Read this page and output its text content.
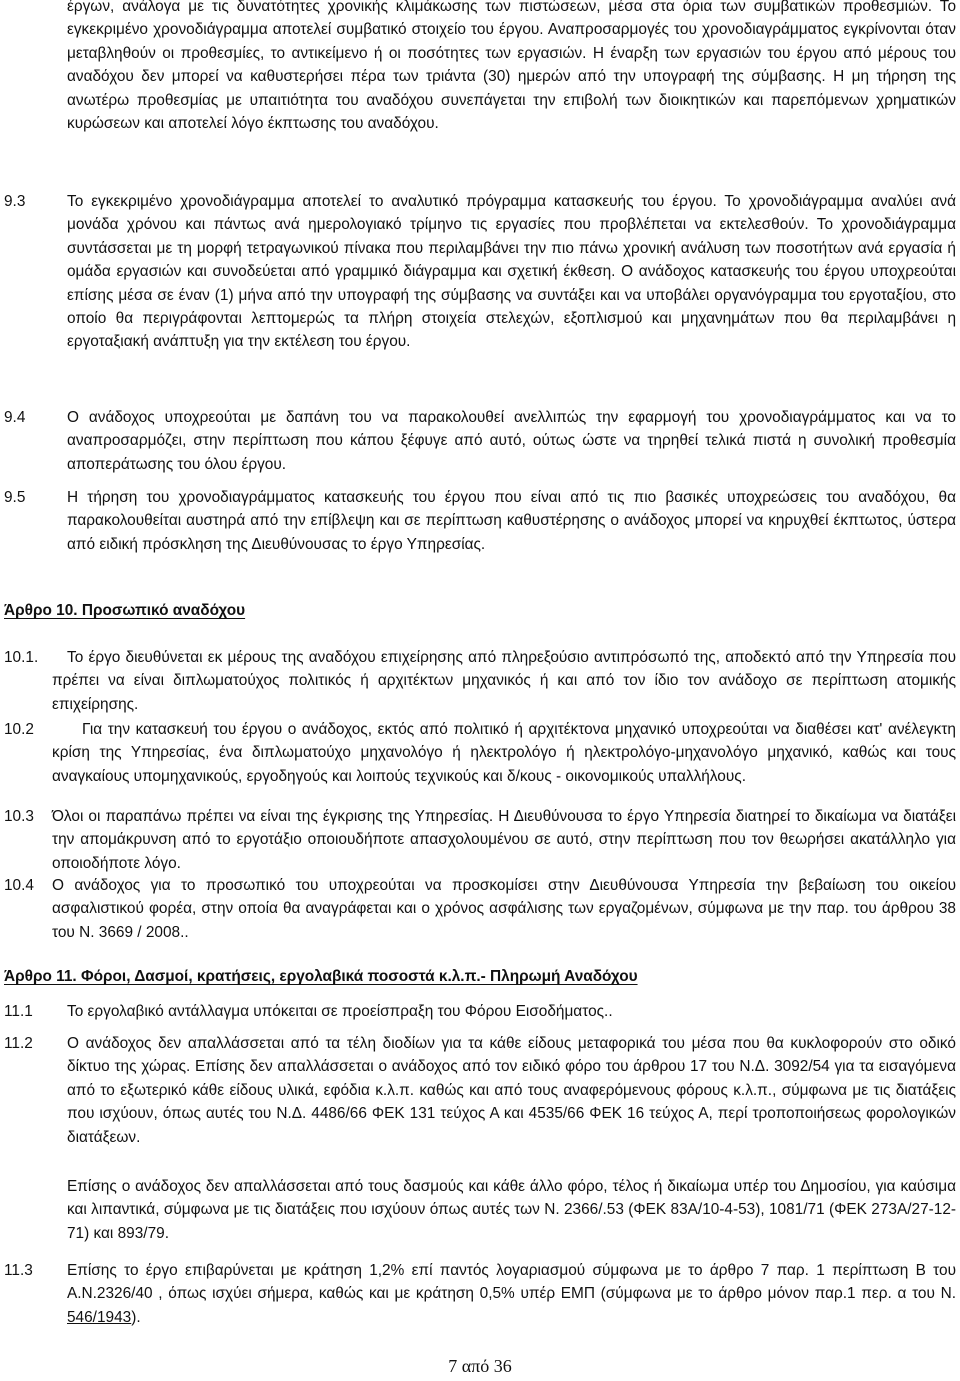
έργων, ανάλογα με τις δυνατότητες χρονικής κλιμάκωσης των πιστώσεων, μέσα στα όρια των συμβατικών προθεσμιών. Το εγκεκριμένο χρονοδιάγραμμα αποτελεί συμβατικό στοιχείο του έργου. Αναπροσαρμογές του χρονοδιαγράμματος εγκρίνονται όταν μεταβληθούν οι προθεσμίες, το αντικείμενο ή οι ποσότητες των εργασιών. Η έναρξη των εργασιών του έργου από μέρους του αναδόχου δεν μπορεί να καθυστερήσει πέρα των τριάντα (30) ημερών από την υπογραφή της σύμβασης. Η μη τήρηση της ανωτέρω προθεσμίας με υπαιτιότητα του αναδόχου συνεπάγεται την επιβολή των διοικητικών και παρεπόμενων χρηματικών κυρώσεων και αποτελεί λόγο έκπτωσης του αναδόχου.
9.3	Το εγκεκριμένο χρονοδιάγραμμα αποτελεί το αναλυτικό πρόγραμμα κατασκευής του έργου. Το χρονοδιάγραμμα αναλύει ανά μονάδα χρόνου και πάντως ανά ημερολογιακό τρίμηνο τις εργασίες που προβλέπεται να εκτελεσθούν. Το χρονοδιάγραμμα συντάσσεται με τη μορφή τετραγωνικού πίνακα που περιλαμβάνει την πιο πάνω χρονική ανάλυση των ποσοτήτων ανά εργασία ή ομάδα εργασιών και συνοδεύεται από γραμμικό διάγραμμα και σχετική έκθεση. Ο ανάδοχος κατασκευής του έργου υποχρεούται επίσης μέσα σε έναν (1) μήνα από την υπογραφή της σύμβασης να συντάξει και να υποβάλει οργανόγραμμα του εργοταξίου, στο οποίο θα περιγράφονται λεπτομερώς τα πλήρη στοιχεία στελεχών, εξοπλισμού και μηχανημάτων που θα περιλαμβάνει η εργοταξιακή ανάπτυξη για την εκτέλεση του έργου.
9.4	Ο ανάδοχος υποχρεούται με δαπάνη του να παρακολουθεί ανελλιπώς την εφαρμογή του χρονοδιαγράμματος και να το αναπροσαρμόζει, στην περίπτωση που κάπου ξέφυγε από αυτό, ούτως ώστε να τηρηθεί τελικά πιστά η συνολική προθεσμία αποπεράτωσης του όλου έργου.
9.5	Η τήρηση του χρονοδιαγράμματος κατασκευής του έργου που είναι από τις πιο βασικές υποχρεώσεις του αναδόχου, θα παρακολουθείται αυστηρά από την επίβλεψη και σε περίπτωση καθυστέρησης ο ανάδοχος μπορεί να κηρυχθεί έκπτωτος, ύστερα από ειδική πρόσκληση της Διευθύνουσας το έργο Υπηρεσίας.
Άρθρο 10. Προσωπικό αναδόχου
10.1.	Το έργο διευθύνεται εκ μέρους της αναδόχου επιχείρησης από πληρεξούσιο αντιπρόσωπό της, αποδεκτό από την Υπηρεσία που πρέπει να είναι διπλωματούχος πολιτικός ή αρχιτέκτων μηχανικός ή και από τον ίδιο τον ανάδοχο σε περίπτωση ατομικής επιχείρησης.
10.2	Για την κατασκευή του έργου ο ανάδοχος, εκτός από πολιτικό ή αρχιτέκτονα μηχανικό υποχρεούται να διαθέσει κατ' ανέλεγκτη κρίση της Υπηρεσίας, ένα διπλωματούχο μηχανολόγο ή ηλεκτρολόγο ή ηλεκτρολόγο-μηχανολόγο μηχανικό, καθώς και τους αναγκαίους υπομηχανικούς, εργοδηγούς και λοιπούς τεχνικούς και δ/κους - οικονομικούς υπαλλήλους.
10.3 Όλοι οι παραπάνω πρέπει να είναι της έγκρισης της Υπηρεσίας. Η Διευθύνουσα το έργο Υπηρεσία διατηρεί το δικαίωμα να διατάξει την απομάκρυνση από το εργοτάξιο οποιουδήποτε απασχολουμένου σε αυτό, στην περίπτωση που τον θεωρήσει ακατάλληλο για οποιοδήποτε λόγο.
10.4 Ο ανάδοχος για το προσωπικό του υποχρεούται να προσκομίσει στην Διευθύνουσα Υπηρεσία την βεβαίωση του οικείου ασφαλιστικού φορέα, στην οποία θα αναγράφεται και ο χρόνος ασφάλισης των εργαζομένων, σύμφωνα με την παρ. του άρθρου 38 του Ν. 3669 / 2008..
Άρθρο 11. Φόροι, Δασμοί, κρατήσεις, εργολαβικά ποσοστά κ.λ.π.- Πληρωμή Αναδόχου
11.1 Το εργολαβικό αντάλλαγμα υπόκειται σε προείσπραξη του Φόρου Εισοδήματος..
11.2 Ο ανάδοχος δεν απαλλάσσεται από τα τέλη διοδίων για τα κάθε είδους μεταφορικά του μέσα που θα κυκλοφορούν στο οδικό δίκτυο της χώρας. Επίσης δεν απαλλάσσεται ο ανάδοχος από τον ειδικό φόρο του άρθρου 17 του Ν.Δ. 3092/54 για τα εισαγόμενα από το εξωτερικό κάθε είδους υλικά, εφόδια κ.λ.π. καθώς και από τους αναφερόμενους φόρους κ.λ.π., σύμφωνα με τις διατάξεις που ισχύουν, όπως αυτές του Ν.Δ. 4486/66 ΦΕΚ 131 τεύχος Α και 4535/66 ΦΕΚ 16 τεύχος Α, περί τροποποιήσεως φορολογικών διατάξεων.
Επίσης ο ανάδοχος δεν απαλλάσσεται από τους δασμούς και κάθε άλλο φόρο, τέλος ή δικαίωμα υπέρ του Δημοσίου, για καύσιμα και λιπαντικά, σύμφωνα με τις διατάξεις που ισχύουν όπως αυτές των Ν. 2366/.53 (ΦΕΚ 83Α/10-4-53), 1081/71 (ΦΕΚ 273Α/27-12-71) και 893/79.
11.3 Επίσης το έργο επιβαρύνεται με κράτηση 1,2% επί παντός λογαριασμού σύμφωνα με το άρθρο 7 παρ. 1 περίπτωση Β του Α.Ν.2326/40 , όπως ισχύει σήμερα, καθώς και με κράτηση 0,5% υπέρ ΕΜΠ (σύμφωνα με το άρθρο μόνον παρ.1 περ. α του Ν. 546/1943).
7 από 36
